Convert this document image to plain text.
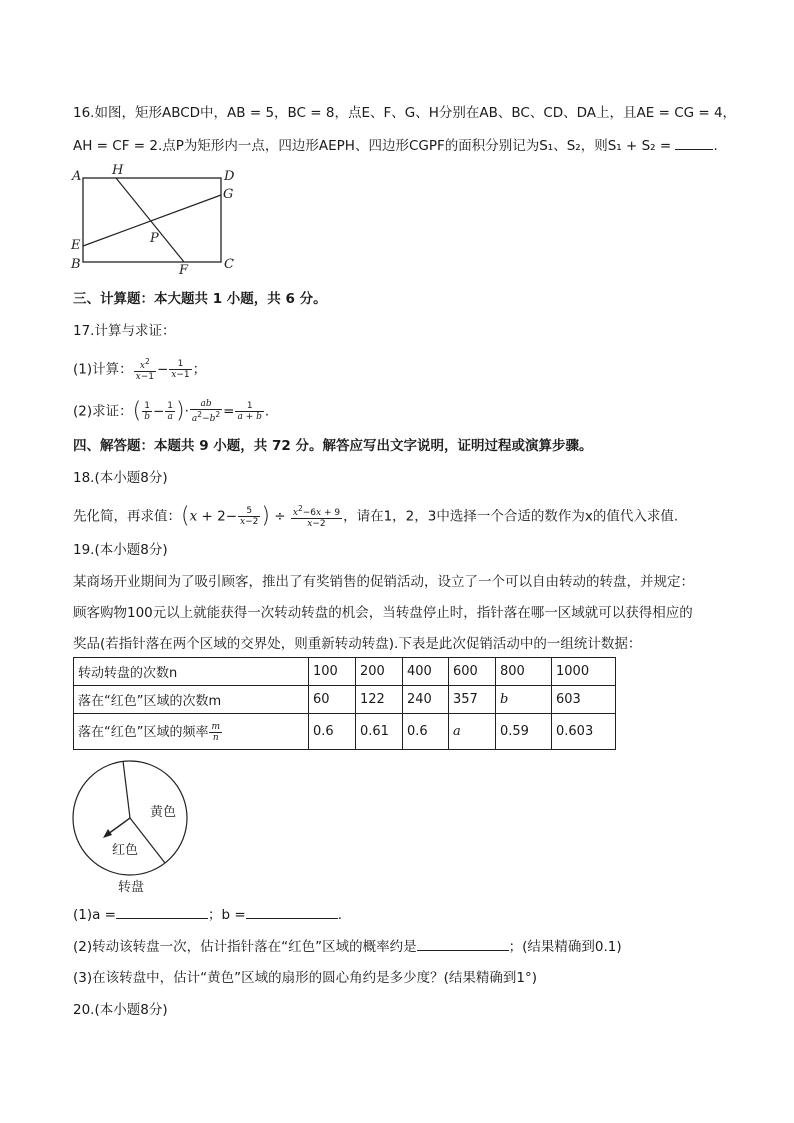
16.如图，矩形ABCD中，AB = 5，BC = 8，点E、F、G、H分别在AB、BC、CD、DA上，且AE = CG = 4，
AH = CF = 2.点P为矩形内一点，四边形AEPH、四边形CGPF的面积分别记为S₁、S₂，则S₁ + S₂ =	.
A H	D
G
P
E
B	F	C
三、计算题：本大题共 1 小题，共 6 分。
17.计算与求证：
(1)计算： $\frac{x^2}{x-1} - \frac{1}{x-1}$ ；
(2)求证：( $\frac{1}{b} - \frac{1}{a}$ )· $\frac{ab}{a^2-b^2} = \frac{1}{a + b}$ .
四、解答题：本题共 9 小题，共 72 分。解答应写出文字说明，证明过程或演算步骤。
18.(本小题8分)
先化简，再求值：($x + 2- \frac{5}{x-2}$ ) ÷ $\frac{x^2-6x + 9}{x-2}$ ，请在1，2，3中选择一个合适的数作为x的值代入求值.
19.(本小题8分)
某商场开业期间为了吸引顾客，推出了有奖销售的促销活动，设立了一个可以自由转动的转盘，并规定：
顾客购物100元以上就能获得一次转动转盘的机会，当转盘停止时，指针落在哪一区域就可以获得相应的
奖品(若指针落在两个区域的交界处，则重新转动转盘).下表是此次促销活动中的一组统计数据：
转动转盘的次数n	100	200	400	600	800	1000
落在“红色”区域的次数m	60	122	240	357	b	603
落在“红色”区域的频率 $\frac{m}{n}$	0.6	0.61	0.6	a	0.59	0.603
黄色
红色
转盘
(1)a =	；b =	.
(2)转动该转盘一次，估计指针落在“红色”区域的概率约是	；(结果精确到0.1)
(3)在该转盘中，估计“黄色”区域的扇形的圆心角约是多少度？(结果精确到1°)
20.(本小题8分)
